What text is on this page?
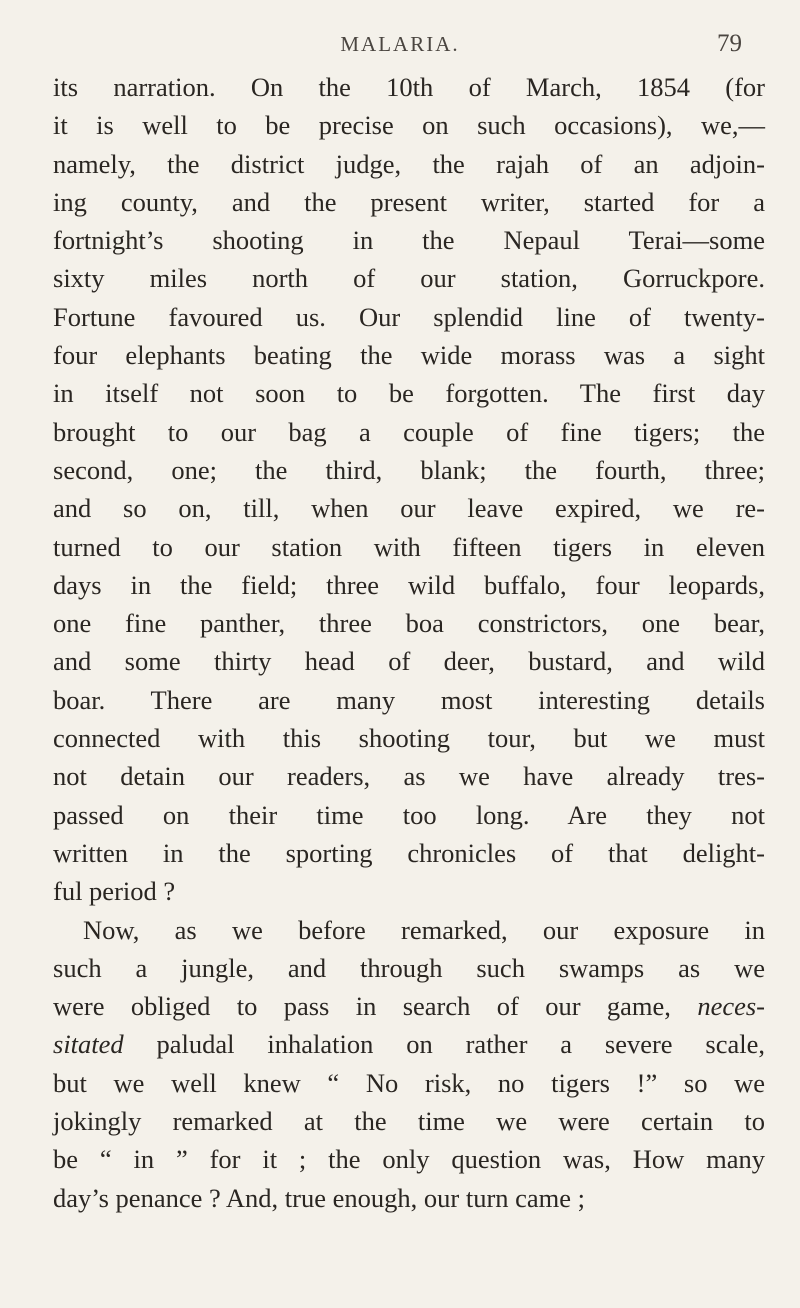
MALARIA.	79
its narration. On the 10th of March, 1854 (for
it is well to be precise on such occasions), we,—
namely, the district judge, the rajah of an adjoin-
ing county, and the present writer, started for a
fortnight’s shooting in the Nepaul Terai—some
sixty miles north of our station, Gorruckpore.
Fortune favoured us. Our splendid line of twenty-
four elephants beating the wide morass was a sight
in itself not soon to be forgotten. The first day
brought to our bag a couple of fine tigers; the
second, one; the third, blank; the fourth, three;
and so on, till, when our leave expired, we re-
turned to our station with fifteen tigers in eleven
days in the field; three wild buffalo, four leopards,
one fine panther, three boa constrictors, one bear,
and some thirty head of deer, bustard, and wild
boar. There are many most interesting details
connected with this shooting tour, but we must
not detain our readers, as we have already tres-
passed on their time too long. Are they not
written in the sporting chronicles of that delight-
ful period ?
Now, as we before remarked, our exposure in
such a jungle, and through such swamps as we
were obliged to pass in search of our game, neces-
sitated paludal inhalation on rather a severe scale,
but we well knew “ No risk, no tigers !” so we
jokingly remarked at the time we were certain to
be “ in ” for it ; the only question was, How many
day’s penance ? And, true enough, our turn came ;
